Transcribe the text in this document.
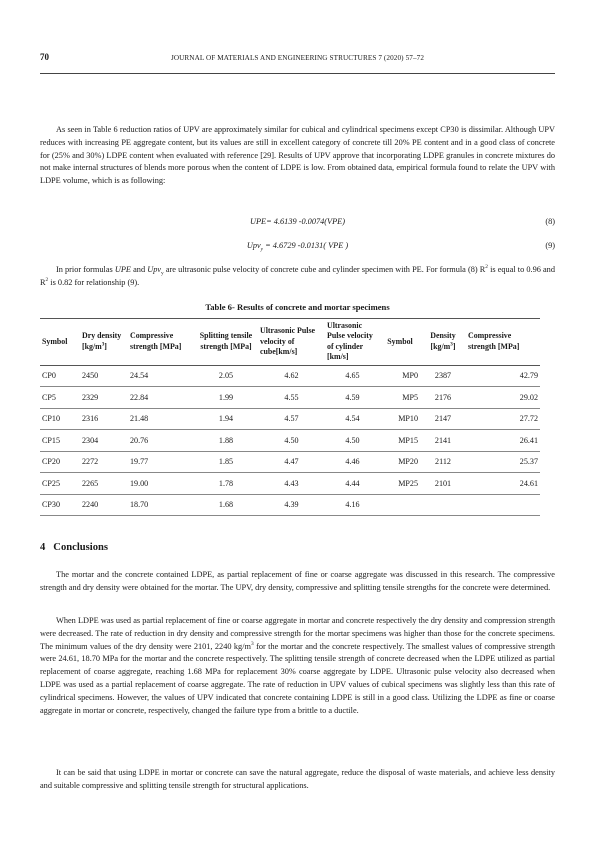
70	JOURNAL OF MATERIALS AND ENGINEERING STRUCTURES 7 (2020) 57–72

As seen in Table 6 reduction ratios of UPV are approximately similar for cubical and cylindrical specimens except CP30 is dissimilar. Although UPV reduces with increasing PE aggregate content, but its values are still in excellent category of concrete till 20% PE content and in a good class of concrete for (25% and 30%) LDPE content when evaluated with reference [29]. Results of UPV approve that incorporating LDPE granules in concrete mixtures do not make internal structures of blends more porous when the content of LDPE is low. From obtained data, empirical formula found to relate the UPV with LDPE volume, which is as following:

UPE= 4.6139 -0.0074(VPE)	(8)
Upv$_y$ = 4.6729 -0.0131( VPE )	(9)

In prior formulas UPE and Upv$_y$ are ultrasonic pulse velocity of concrete cube and cylinder specimen with PE. For formula (8) $R^2$ is equal to 0.96 and $R^2$ is 0.82 for relationship (9).

Table 6- Results of concrete and mortar specimens
Symbol	Dry density $[kg/m^3]$	Compressive strength [MPa]	Splitting tensile strength [MPa]	Ultrasonic Pulse velocity of cube[km/s]	Ultrasonic Pulse velocity of cylinder [km/s]	Symbol	Density $[kg/m^3]$	Compressive strength [MPa]
CP0	2450	24.54	2.05	4.62	4.65	MP0	2387	42.79
CP5	2329	22.84	1.99	4.55	4.59	MP5	2176	29.02
CP10	2316	21.48	1.94	4.57	4.54	MP10	2147	27.72
CP15	2304	20.76	1.88	4.50	4.50	MP15	2141	26.41
CP20	2272	19.77	1.85	4.47	4.46	MP20	2112	25.37
CP25	2265	19.00	1.78	4.43	4.44	MP25	2101	24.61
CP30	2240	18.70	1.68	4.39	4.16			
4 Conclusions

The mortar and the concrete contained LDPE, as partial replacement of fine or coarse aggregate was discussed in this research. The compressive strength and dry density were obtained for the mortar. The UPV, dry density, compressive and splitting tensile strengths for the concrete were determined.

When LDPE was used as partial replacement of fine or coarse aggregate in mortar and concrete respectively the dry density and compression strength were decreased. The rate of reduction in dry density and compressive strength for the mortar specimens was higher than those for the concrete specimens. The minimum values of the dry density were 2101, 2240 $kg/m^3$ for the mortar and the concrete respectively. The smallest values of compressive strength were 24.61, 18.70 MPa for the mortar and the concrete respectively. The splitting tensile strength of concrete decreased when the LDPE utilized as partial replacement of coarse aggregate, reaching 1.68 MPa for replacement 30% coarse aggregate by LDPE. Ultrasonic pulse velocity also decreased when LDPE was used as a partial replacement of coarse aggregate. The rate of reduction in UPV values of cubical specimens was slightly less than this rate of cylindrical specimens. However, the values of UPV indicated that concrete containing LDPE is still in a good class. Utilizing the LDPE as fine or coarse aggregate in mortar or concrete, respectively, changed the failure type from a brittle to a ductile.

It can be said that using LDPE in mortar or concrete can save the natural aggregate, reduce the disposal of waste materials, and achieve less density and suitable compressive and splitting tensile strength for structural applications.
